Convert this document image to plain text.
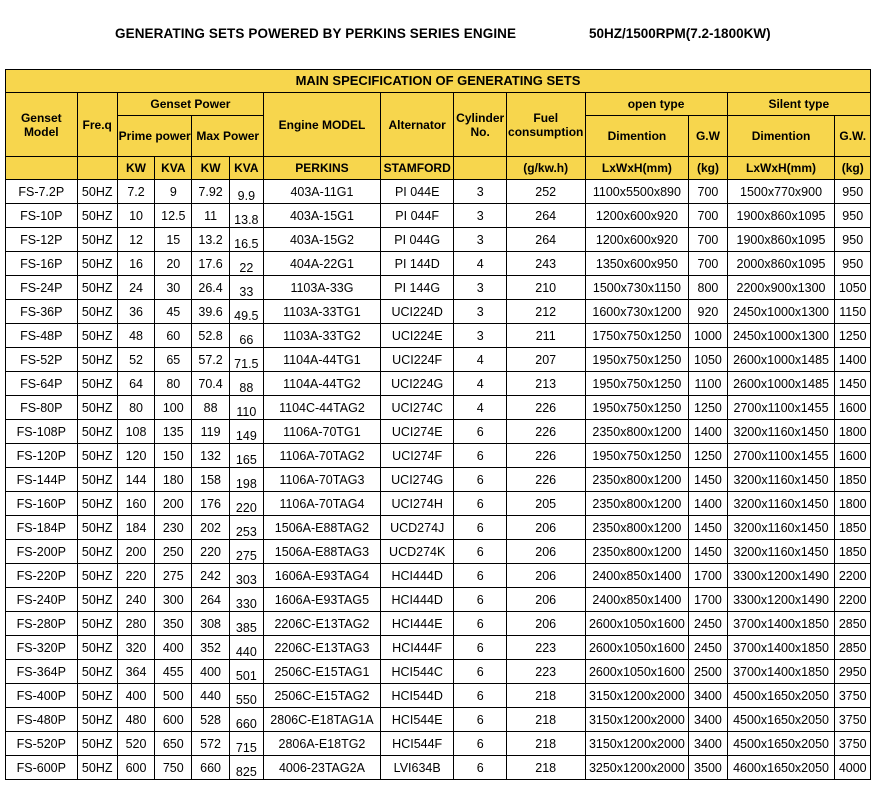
GENERATING SETS POWERED BY PERKINS SERIES ENGINE	50HZ/1500RPM(7.2-1800KW)
MAIN SPECIFICATION OF GENERATING SETS													
Genset Model	Fre.q	Genset Power				Engine MODEL	Alternator	Cylinder No.	Fuel consumption	open type		Silent type	
		Prime power		Max Power						Dimention	G.W	Dimention	G.W.
		KW	KVA	KW	KVA	PERKINS	STAMFORD		(g/kw.h)	LxWxH(mm)	(kg)	LxWxH(mm)	(kg)
FS-7.2P	50HZ	7.2	9	7.92	9.9	403A-11G1	PI 044E	3	252	1100x5500x890	700	1500x770x900	950
FS-10P	50HZ	10	12.5	11	13.8	403A-15G1	PI 044F	3	264	1200x600x920	700	1900x860x1095	950
FS-12P	50HZ	12	15	13.2	16.5	403A-15G2	PI 044G	3	264	1200x600x920	700	1900x860x1095	950
FS-16P	50HZ	16	20	17.6	22	404A-22G1	PI 144D	4	243	1350x600x950	700	2000x860x1095	950
FS-24P	50HZ	24	30	26.4	33	1103A-33G	PI 144G	3	210	1500x730x1150	800	2200x900x1300	1050
FS-36P	50HZ	36	45	39.6	49.5	1103A-33TG1	UCI224D	3	212	1600x730x1200	920	2450x1000x1300	1150
FS-48P	50HZ	48	60	52.8	66	1103A-33TG2	UCI224E	3	211	1750x750x1250	1000	2450x1000x1300	1250
FS-52P	50HZ	52	65	57.2	71.5	1104A-44TG1	UCI224F	4	207	1950x750x1250	1050	2600x1000x1485	1400
FS-64P	50HZ	64	80	70.4	88	1104A-44TG2	UCI224G	4	213	1950x750x1250	1100	2600x1000x1485	1450
FS-80P	50HZ	80	100	88	110	1104C-44TAG2	UCI274C	4	226	1950x750x1250	1250	2700x1100x1455	1600
FS-108P	50HZ	108	135	119	149	1106A-70TG1	UCI274E	6	226	2350x800x1200	1400	3200x1160x1450	1800
FS-120P	50HZ	120	150	132	165	1106A-70TAG2	UCI274F	6	226	1950x750x1250	1250	2700x1100x1455	1600
FS-144P	50HZ	144	180	158	198	1106A-70TAG3	UCI274G	6	226	2350x800x1200	1450	3200x1160x1450	1850
FS-160P	50HZ	160	200	176	220	1106A-70TAG4	UCI274H	6	205	2350x800x1200	1400	3200x1160x1450	1800
FS-184P	50HZ	184	230	202	253	1506A-E88TAG2	UCD274J	6	206	2350x800x1200	1450	3200x1160x1450	1850
FS-200P	50HZ	200	250	220	275	1506A-E88TAG3	UCD274K	6	206	2350x800x1200	1450	3200x1160x1450	1850
FS-220P	50HZ	220	275	242	303	1606A-E93TAG4	HCI444D	6	206	2400x850x1400	1700	3300x1200x1490	2200
FS-240P	50HZ	240	300	264	330	1606A-E93TAG5	HCI444D	6	206	2400x850x1400	1700	3300x1200x1490	2200
FS-280P	50HZ	280	350	308	385	2206C-E13TAG2	HCI444E	6	206	2600x1050x1600	2450	3700x1400x1850	2850
FS-320P	50HZ	320	400	352	440	2206C-E13TAG3	HCI444F	6	223	2600x1050x1600	2450	3700x1400x1850	2850
FS-364P	50HZ	364	455	400	501	2506C-E15TAG1	HCI544C	6	223	2600x1050x1600	2500	3700x1400x1850	2950
FS-400P	50HZ	400	500	440	550	2506C-E15TAG2	HCI544D	6	218	3150x1200x2000	3400	4500x1650x2050	3750
FS-480P	50HZ	480	600	528	660	2806C-E18TAG1A	HCI544E	6	218	3150x1200x2000	3400	4500x1650x2050	3750
FS-520P	50HZ	520	650	572	715	2806A-E18TG2	HCI544F	6	218	3150x1200x2000	3400	4500x1650x2050	3750
FS-600P	50HZ	600	750	660	825	4006-23TAG2A	LVI634B	6	218	3250x1200x2000	3500	4600x1650x2050	4000
